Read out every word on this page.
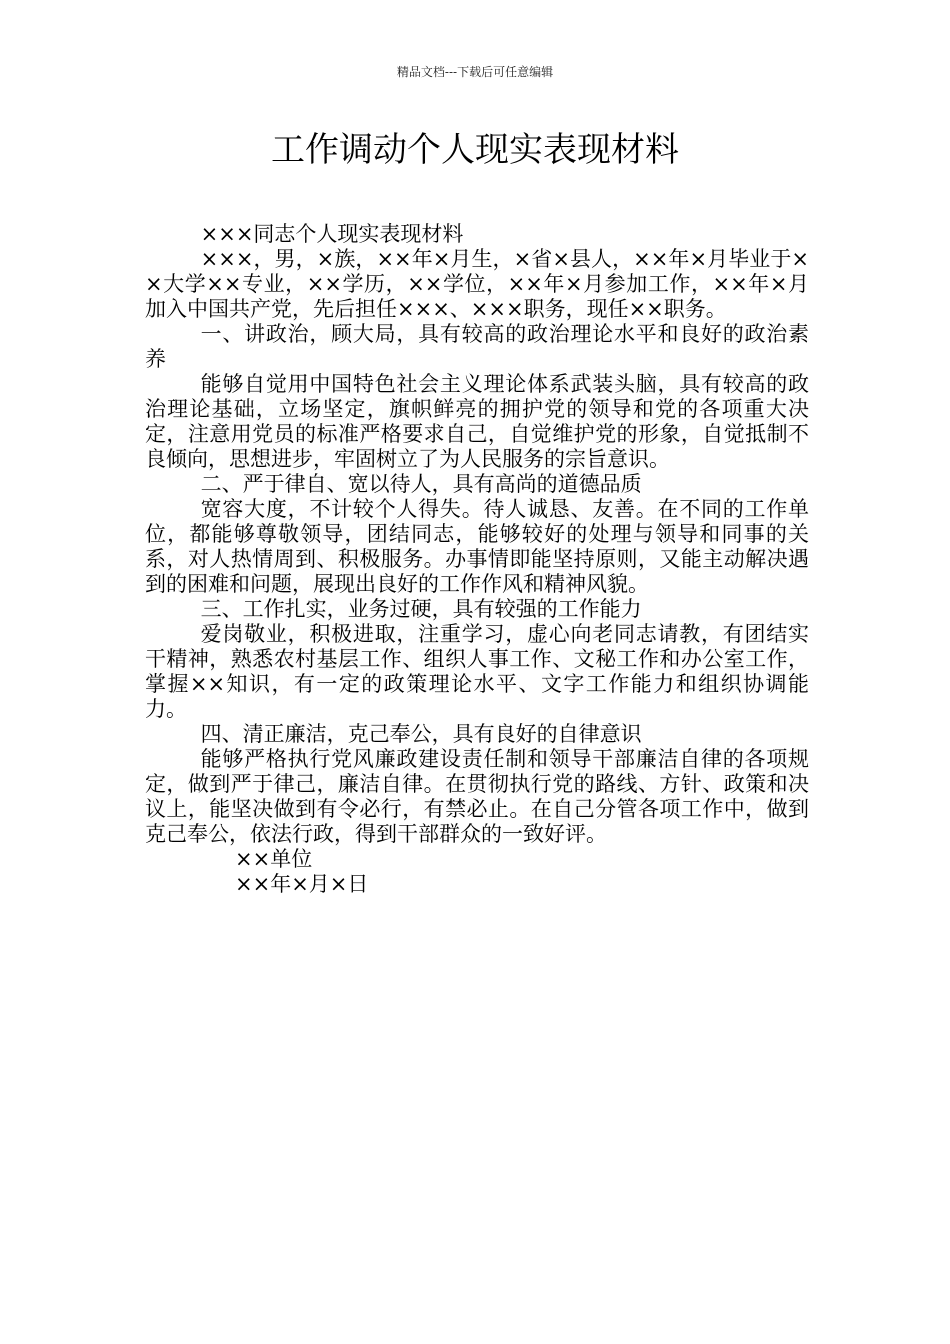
精品文档---下载后可任意编辑
工作调动个人现实表现材料

×××同志个人现实表现材料

×××，男，×族，××年×月生，×省×县人，××年×月毕业于××大学××专业，××学历，××学位，××年×月参加工作，××年×月加入中国共产党，先后担任×××、×××职务，现任××职务。

一、讲政治，顾大局，具有较高的政治理论水平和良好的政治素养

能够自觉用中国特色社会主义理论体系武装头脑，具有较高的政治理论基础，立场坚定，旗帜鲜亮的拥护党的领导和党的各项重大决定，注意用党员的标准严格要求自己，自觉维护党的形象，自觉抵制不良倾向，思想进步，牢固树立了为人民服务的宗旨意识。

二、严于律自、宽以待人，具有高尚的道德品质

宽容大度，不计较个人得失。待人诚恳、友善。在不同的工作单位，都能够尊敬领导，团结同志，能够较好的处理与领导和同事的关系，对人热情周到、积极服务。办事情即能坚持原则，又能主动解决遇到的困难和问题，展现出良好的工作作风和精神风貌。

三、工作扎实，业务过硬，具有较强的工作能力

爱岗敬业，积极进取，注重学习，虚心向老同志请教，有团结实干精神，熟悉农村基层工作、组织人事工作、文秘工作和办公室工作，掌握××知识，有一定的政策理论水平、文字工作能力和组织协调能力。

四、清正廉洁，克己奉公，具有良好的自律意识

能够严格执行党风廉政建设责任制和领导干部廉洁自律的各项规定，做到严于律己，廉洁自律。在贯彻执行党的路线、方针、政策和决议上，能坚决做到有令必行，有禁必止。在自己分管各项工作中，做到克己奉公，依法行政，得到干部群众的一致好评。

××单位

××年×月×日
